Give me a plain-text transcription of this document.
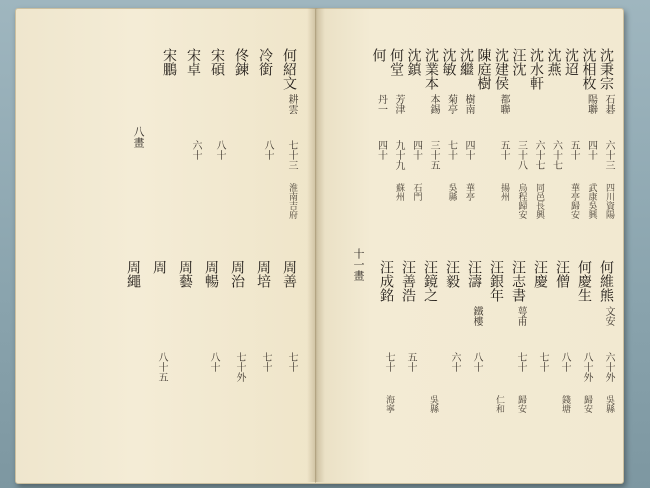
沈秉宗
石碁
六十三
四川資陽
沈相枚
陽聯
四十
武康吳興
沈迢
五十
華亭歸安
沈燕
六十七
沈水軒
六十七
同邑長興
汪沈
三十八
烏程歸安
沈建侯
都聯
五十
揚州
陳庭樹
沈繼
樹南
四十
華亭
沈敏
菊亭
七十
吳縣
沈業本
本錫
三十五
沈鎮
四十
石門
何堂
芳津
九十九
蘇州
何
丹一
四十
何維熊
文安
六十外
吳縣
何慶生
八十外
歸安
汪僧
八十
錢塘
汪慶
七十
汪志書
萼甫
七十
歸安
汪銀年
仁和
汪濤
鐵樓
八十
汪毅
六十
汪鏡之
吳縣
汪善浩
五十
汪成銘
七十
海寧
何紹文
耕雲
七十三
淮南吉府
冷銜
八十
佟鍊
宋碩
八十
宋卓
六十
宋鵬
周善
七十
周培
七十
周治
七十外
周暢
八十
周藝
周
八十五
周繩	十一畫
八畫
